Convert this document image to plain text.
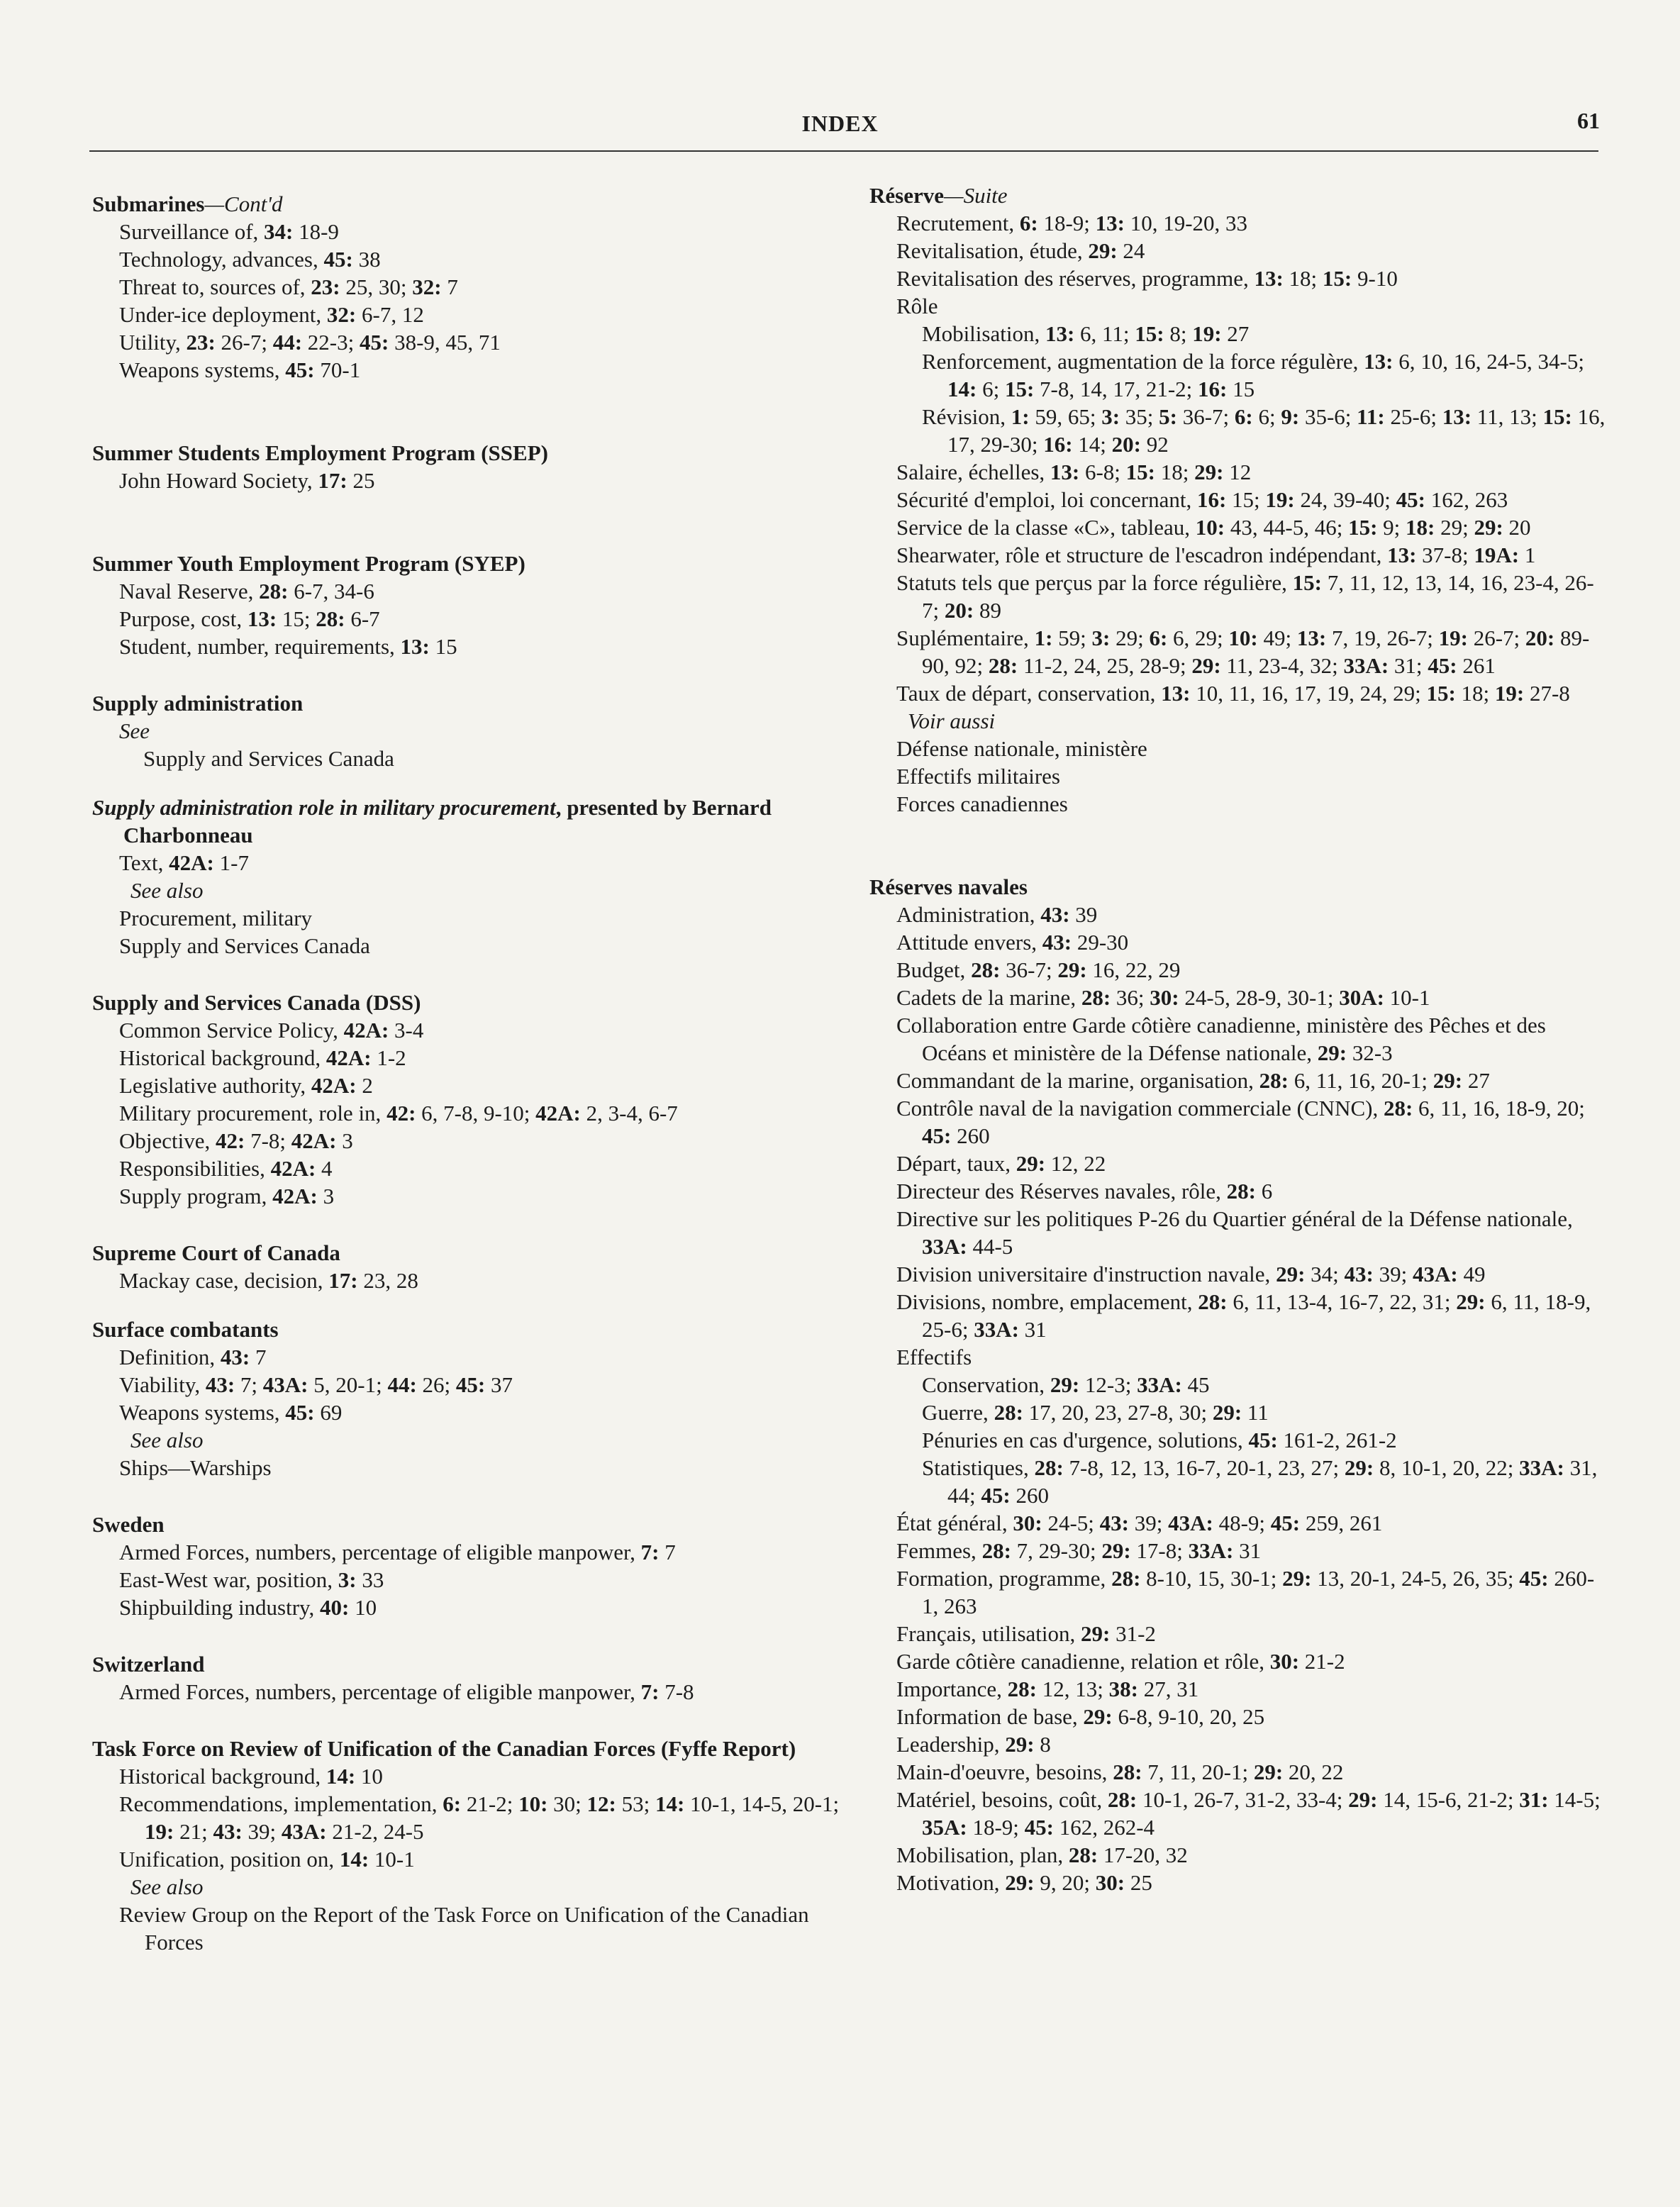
INDEX	61
Submarines—Cont'd
Surveillance of, 34: 18-9
Technology, advances, 45: 38
Threat to, sources of, 23: 25, 30; 32: 7
Under-ice deployment, 32: 6-7, 12
Utility, 23: 26-7; 44: 22-3; 45: 38-9, 45, 71
Weapons systems, 45: 70-1
Summer Students Employment Program (SSEP)
John Howard Society, 17: 25
Summer Youth Employment Program (SYEP)
Naval Reserve, 28: 6-7, 34-6
Purpose, cost, 13: 15; 28: 6-7
Student, number, requirements, 13: 15
Supply administration
See
Supply and Services Canada
Supply administration role in military procurement, presented by Bernard Charbonneau
Text, 42A: 1-7
See also
Procurement, military
Supply and Services Canada
Supply and Services Canada (DSS)
Common Service Policy, 42A: 3-4
Historical background, 42A: 1-2
Legislative authority, 42A: 2
Military procurement, role in, 42: 6, 7-8, 9-10; 42A: 2, 3-4, 6-7
Objective, 42: 7-8; 42A: 3
Responsibilities, 42A: 4
Supply program, 42A: 3
Supreme Court of Canada
Mackay case, decision, 17: 23, 28
Surface combatants
Definition, 43: 7
Viability, 43: 7; 43A: 5, 20-1; 44: 26; 45: 37
Weapons systems, 45: 69
See also
Ships—Warships
Sweden
Armed Forces, numbers, percentage of eligible manpower, 7: 7
East-West war, position, 3: 33
Shipbuilding industry, 40: 10
Switzerland
Armed Forces, numbers, percentage of eligible manpower, 7: 7-8
Task Force on Review of Unification of the Canadian Forces (Fyffe Report)
Historical background, 14: 10
Recommendations, implementation, 6: 21-2; 10: 30; 12: 53; 14: 10-1, 14-5, 20-1; 19: 21; 43: 39; 43A: 21-2, 24-5
Unification, position on, 14: 10-1
See also
Review Group on the Report of the Task Force on Unification of the Canadian Forces
Réserve—Suite
Recrutement, 6: 18-9; 13: 10, 19-20, 33
Revitalisation, étude, 29: 24
Revitalisation des réserves, programme, 13: 18; 15: 9-10
Rôle
Mobilisation, 13: 6, 11; 15: 8; 19: 27
Renforcement, augmentation de la force régulère, 13: 6, 10, 16, 24-5, 34-5; 14: 6; 15: 7-8, 14, 17, 21-2; 16: 15
Révision, 1: 59, 65; 3: 35; 5: 36-7; 6: 6; 9: 35-6; 11: 25-6; 13: 11, 13; 15: 16, 17, 29-30; 16: 14; 20: 92
Salaire, échelles, 13: 6-8; 15: 18; 29: 12
Sécurité d'emploi, loi concernant, 16: 15; 19: 24, 39-40; 45: 162, 263
Service de la classe «C», tableau, 10: 43, 44-5, 46; 15: 9; 18: 29; 29: 20
Shearwater, rôle et structure de l'escadron indépendant, 13: 37-8; 19A: 1
Statuts tels que perçus par la force régulière, 15: 7, 11, 12, 13, 14, 16, 23-4, 26-7; 20: 89
Suplémentaire, 1: 59; 3: 29; 6: 6, 29; 10: 49; 13: 7, 19, 26-7; 19: 26-7; 20: 89-90, 92; 28: 11-2, 24, 25, 28-9; 29: 11, 23-4, 32; 33A: 31; 45: 261
Taux de départ, conservation, 13: 10, 11, 16, 17, 19, 24, 29; 15: 18; 19: 27-8
Voir aussi
Défense nationale, ministère
Effectifs militaires
Forces canadiennes
Réserves navales
Administration, 43: 39
Attitude envers, 43: 29-30
Budget, 28: 36-7; 29: 16, 22, 29
Cadets de la marine, 28: 36; 30: 24-5, 28-9, 30-1; 30A: 10-1
Collaboration entre Garde côtière canadienne, ministère des Pêches et des Océans et ministère de la Défense nationale, 29: 32-3
Commandant de la marine, organisation, 28: 6, 11, 16, 20-1; 29: 27
Contrôle naval de la navigation commerciale (CNNC), 28: 6, 11, 16, 18-9, 20; 45: 260
Départ, taux, 29: 12, 22
Directeur des Réserves navales, rôle, 28: 6
Directive sur les politiques P-26 du Quartier général de la Défense nationale, 33A: 44-5
Division universitaire d'instruction navale, 29: 34; 43: 39; 43A: 49
Divisions, nombre, emplacement, 28: 6, 11, 13-4, 16-7, 22, 31; 29: 6, 11, 18-9, 25-6; 33A: 31
Effectifs
Conservation, 29: 12-3; 33A: 45
Guerre, 28: 17, 20, 23, 27-8, 30; 29: 11
Pénuries en cas d'urgence, solutions, 45: 161-2, 261-2
Statistiques, 28: 7-8, 12, 13, 16-7, 20-1, 23, 27; 29: 8, 10-1, 20, 22; 33A: 31, 44; 45: 260
État général, 30: 24-5; 43: 39; 43A: 48-9; 45: 259, 261
Femmes, 28: 7, 29-30; 29: 17-8; 33A: 31
Formation, programme, 28: 8-10, 15, 30-1; 29: 13, 20-1, 24-5, 26, 35; 45: 260-1, 263
Français, utilisation, 29: 31-2
Garde côtière canadienne, relation et rôle, 30: 21-2
Importance, 28: 12, 13; 38: 27, 31
Information de base, 29: 6-8, 9-10, 20, 25
Leadership, 29: 8
Main-d'oeuvre, besoins, 28: 7, 11, 20-1; 29: 20, 22
Matériel, besoins, coût, 28: 10-1, 26-7, 31-2, 33-4; 29: 14, 15-6, 21-2; 31: 14-5; 35A: 18-9; 45: 162, 262-4
Mobilisation, plan, 28: 17-20, 32
Motivation, 29: 9, 20; 30: 25
